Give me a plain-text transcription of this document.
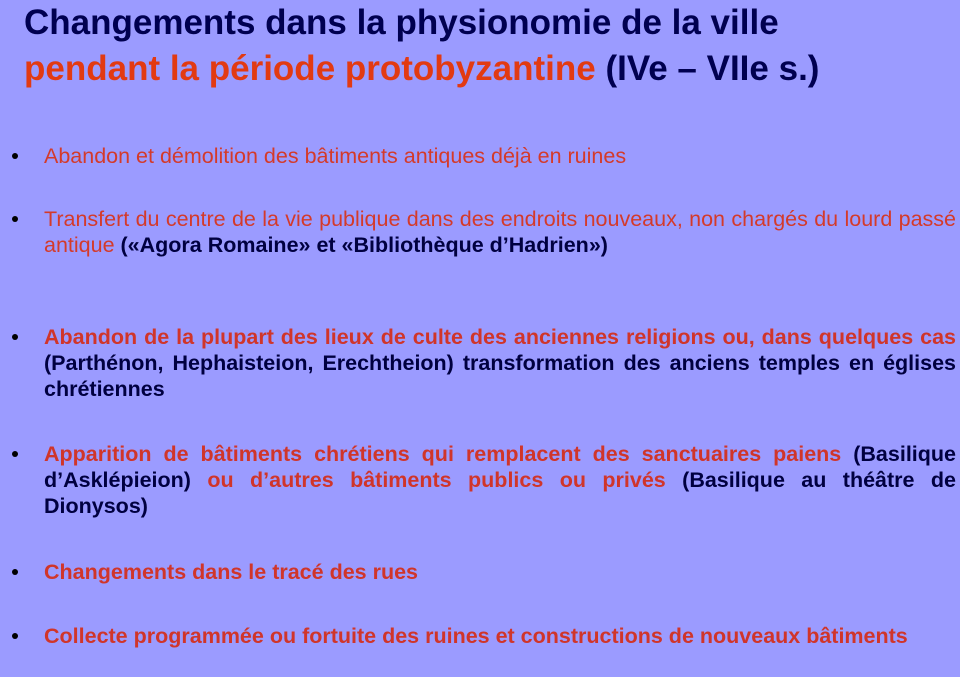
Changements dans la physionomie de la ville
pendant la période protobyzantine (IVe – VIIe s.)
Abandon et démolition des bâtiments antiques déjà en ruines
Transfert du centre de la vie publique dans des endroits nouveaux, non chargés du lourd passé antique («Agora Romaine» et «Bibliothèque d’Hadrien»)
Abandon de la plupart des lieux de culte des anciennes religions ou, dans quelques cas (Parthénon, Hephaisteion, Erechtheion) transformation des anciens temples en églises chrétiennes
Apparition de bâtiments chrétiens qui remplacent des sanctuaires paiens (Basilique d’Asklépieion) ou d’autres bâtiments publics ou privés (Basilique au théâtre de Dionysos)
Changements dans le tracé des rues
Collecte programmée ou fortuite des ruines et constructions de nouveaux bâtiments
